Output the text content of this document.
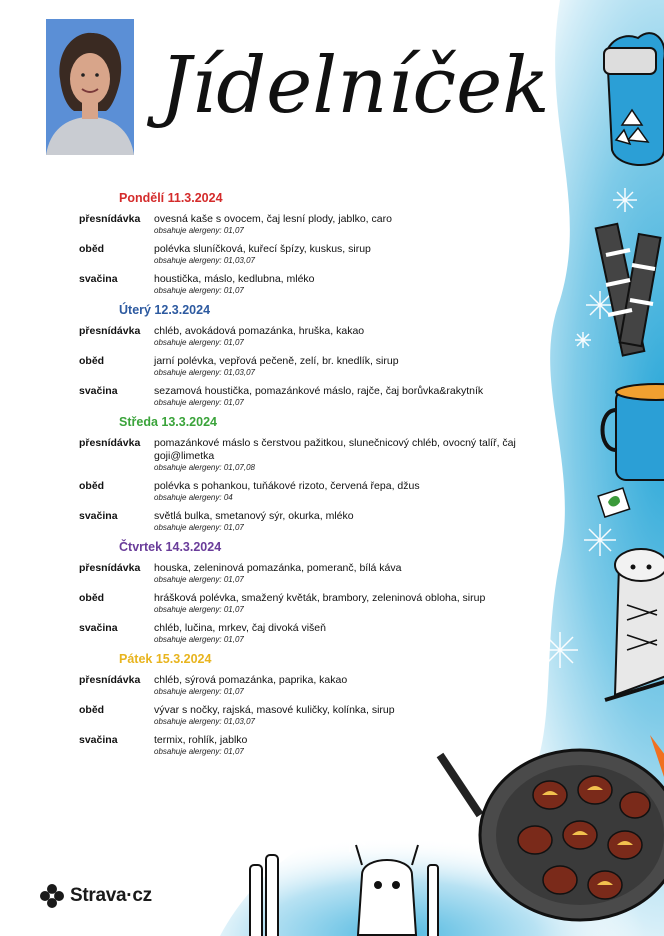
Jídelníček
Pondělí 11.3.2024
přesnídávka	ovesná kaše s ovocem, čaj lesní plody, jablko, caro
obsahuje alergeny: 01,07
oběd	polévka sluníčková, kuřecí špízy, kuskus, sirup
obsahuje alergeny: 01,03,07
svačina	houstička, máslo, kedlubna, mléko
obsahuje alergeny: 01,07
Úterý 12.3.2024
přesnídávka	chléb, avokádová pomazánka, hruška, kakao
obsahuje alergeny: 01,07
oběd	jarní polévka, vepřová pečeně, zelí, br. knedlík, sirup
obsahuje alergeny: 01,03,07
svačina	sezamová houstička, pomazánkové máslo, rajče, čaj borůvka&rakytník
obsahuje alergeny: 01,07
Středa 13.3.2024
přesnídávka	pomazánkové máslo s čerstvou pažitkou, slunečnicový chléb, ovocný talíř, čaj goji@limetka
obsahuje alergeny: 01,07,08
oběd	polévka s pohankou, tuňákové rizoto, červená řepa, džus
obsahuje alergeny: 04
svačina	světlá bulka, smetanový sýr, okurka, mléko
obsahuje alergeny: 01,07
Čtvrtek 14.3.2024
přesnídávka	houska, zeleninová pomazánka, pomeranč, bílá káva
obsahuje alergeny: 01,07
oběd	hrášková polévka, smažený květák, brambory, zeleninová obloha, sirup
obsahuje alergeny: 01,07
svačina	chléb, lučina, mrkev, čaj divoká višeň
obsahuje alergeny: 01,07
Pátek 15.3.2024
přesnídávka	chléb, sýrová pomazánka, paprika, kakao
obsahuje alergeny: 01,07
oběd	vývar s nočky, rajská, masové kuličky, kolínka, sirup
obsahuje alergeny: 01,03,07
svačina	termix, rohlík, jablko
obsahuje alergeny: 01,07
Strava·cz
